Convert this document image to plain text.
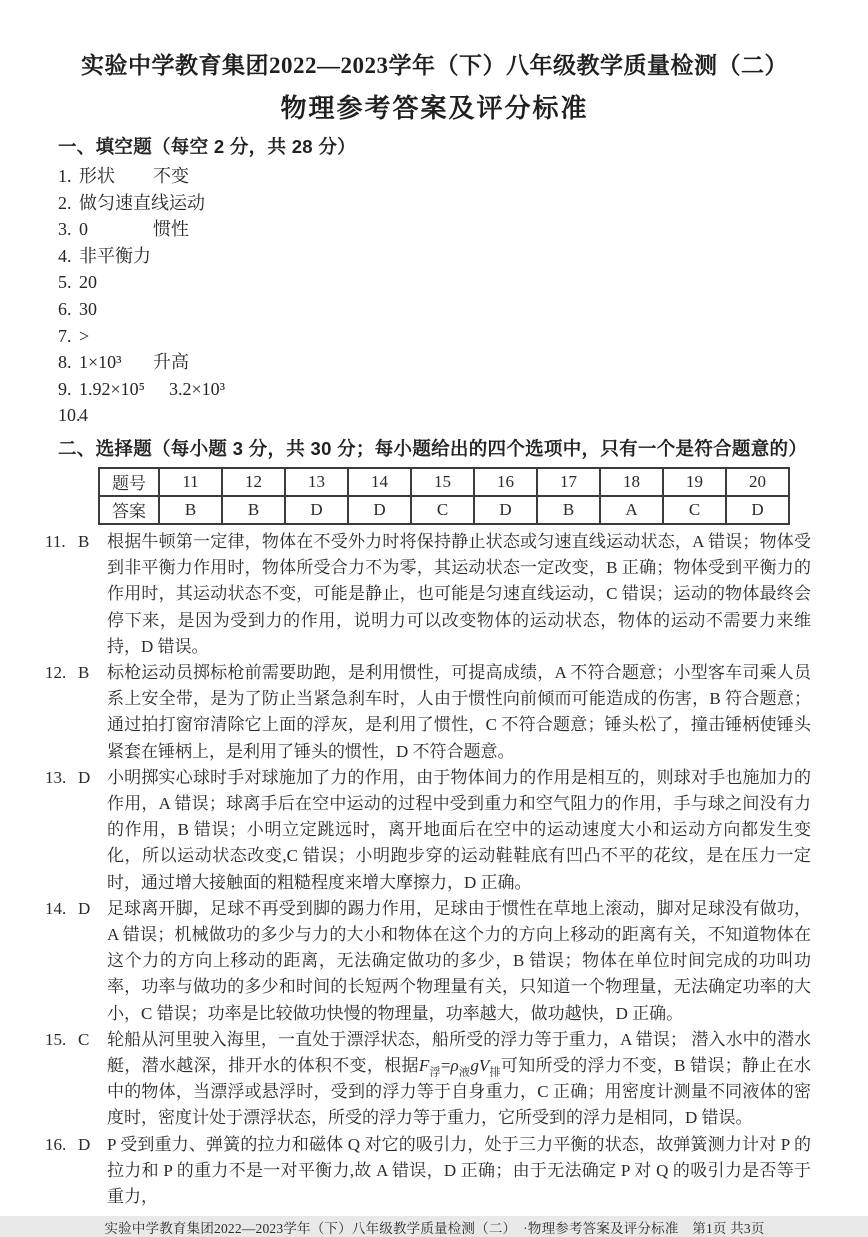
实验中学教育集团2022—2023学年（下）八年级教学质量检测（二）
物理参考答案及评分标准
一、填空题（每空 2 分，共 28 分）
1. 形状	不变
2. 做匀速直线运动
3. 0	惯性
4. 非平衡力
5. 20
6. 30
7. >
8. 1×10³	升高
9. 1.92×10⁵ 3.2×10³
10.
4
二、选择题（每小题 3 分，共 30 分；每小题给出的四个选项中，只有一个是符合题意的）
题号	11	12	13	14	15	16	17	18	19	20
答案	B	B	D	D	C	D	B	A	C	D
11. B	根据牛顿第一定律，物体在不受外力时将保持静止状态或匀速直线运动状态，A 错误；物体受到非平衡力作用时，物体所受合力不为零，其运动状态一定改变，B 正确；物体受到平衡力的作用时，其运动状态不变，可能是静止，也可能是匀速直线运动，C 错误；运动的物体最终会停下来，是因为受到力的作用，说明力可以改变物体的运动状态，物体的运动不需要力来维持，D 错误。
12. B	标枪运动员掷标枪前需要助跑，是利用惯性，可提高成绩，A 不符合题意；小型客车司乘人员系上安全带，是为了防止当紧急刹车时，人由于惯性向前倾而可能造成的伤害，B 符合题意；通过拍打窗帘清除它上面的浮灰，是利用了惯性，C 不符合题意；锤头松了，撞击锤柄使锤头紧套在锤柄上，是利用了锤头的惯性，D 不符合题意。
13. D 小明掷实心球时手对球施加了力的作用，由于物体间力的作用是相互的，则球对手也施加力的作用，A 错误；球离手后在空中运动的过程中受到重力和空气阻力的作用，手与球之间没有力的作用，B 错误；小明立定跳远时，离开地面后在空中的运动速度大小和运动方向都发生变化，所以运动状态改变,C 错误；小明跑步穿的运动鞋鞋底有凹凸不平的花纹，是在压力一定时，通过增大接触面的粗糙程度来增大摩擦力，D 正确。
14. D 足球离开脚，足球不再受到脚的踢力作用，足球由于惯性在草地上滚动，脚对足球没有做功，A 错误；机械做功的多少与力的大小和物体在这个力的方向上移动的距离有关，不知道物体在这个力的方向上移动的距离，无法确定做功的多少，B 错误；物体在单位时间完成的功叫功率，功率与做功的多少和时间的长短两个物理量有关，只知道一个物理量，无法确定功率的大小，C 错误；功率是比较做功快慢的物理量，功率越大，做功越快，D 正确。
15. C	轮船从河里驶入海里，一直处于漂浮状态，船所受的浮力等于重力，A 错误； 潜入水中的潜水艇，潜水越深，排开水的体积不变，根据$F_浮=\rho_液gV_排$可知所受的浮力不变，B 错误；静止在水中的物体，当漂浮或悬浮时，受到的浮力等于自身重力，C 正确；用密度计测量不同液体的密度时，密度计处于漂浮状态，所受的浮力等于重力，它所受到的浮力是相同，D 错误。
16. D P 受到重力、弹簧的拉力和磁体 Q 对它的吸引力，处于三力平衡的状态，故弹簧测力计对 P 的拉力和 P 的重力不是一对平衡力,故 A 错误，D 正确；由于无法确定 P 对 Q 的吸引力是否等于重力，
实验中学教育集团2022—2023学年（下）八年级教学质量检测（二）　·物理参考答案及评分标准　第1页 共3页
